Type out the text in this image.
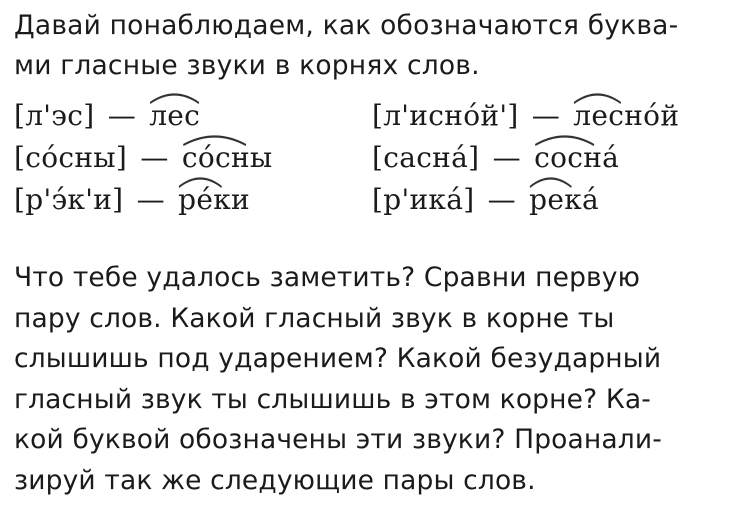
Давай понаблюдаем, как обозначаются буква-
ми гласные звуки в корнях слов.
[л'эс] — лес	[л'исно́й'] — лесно́й
[со́сны] — со́сны	[сасна́] — сосна́
[р'э́к'и] — ре́ки	[р'ика́] — река́
Что тебе удалось заметить? Сравни первую
пару слов. Какой гласный звук в корне ты
слышишь под ударением? Какой безударный
гласный звук ты слышишь в этом корне? Ка-
кой буквой обозначены эти звуки? Проанали-
зируй так же следующие пары слов.
